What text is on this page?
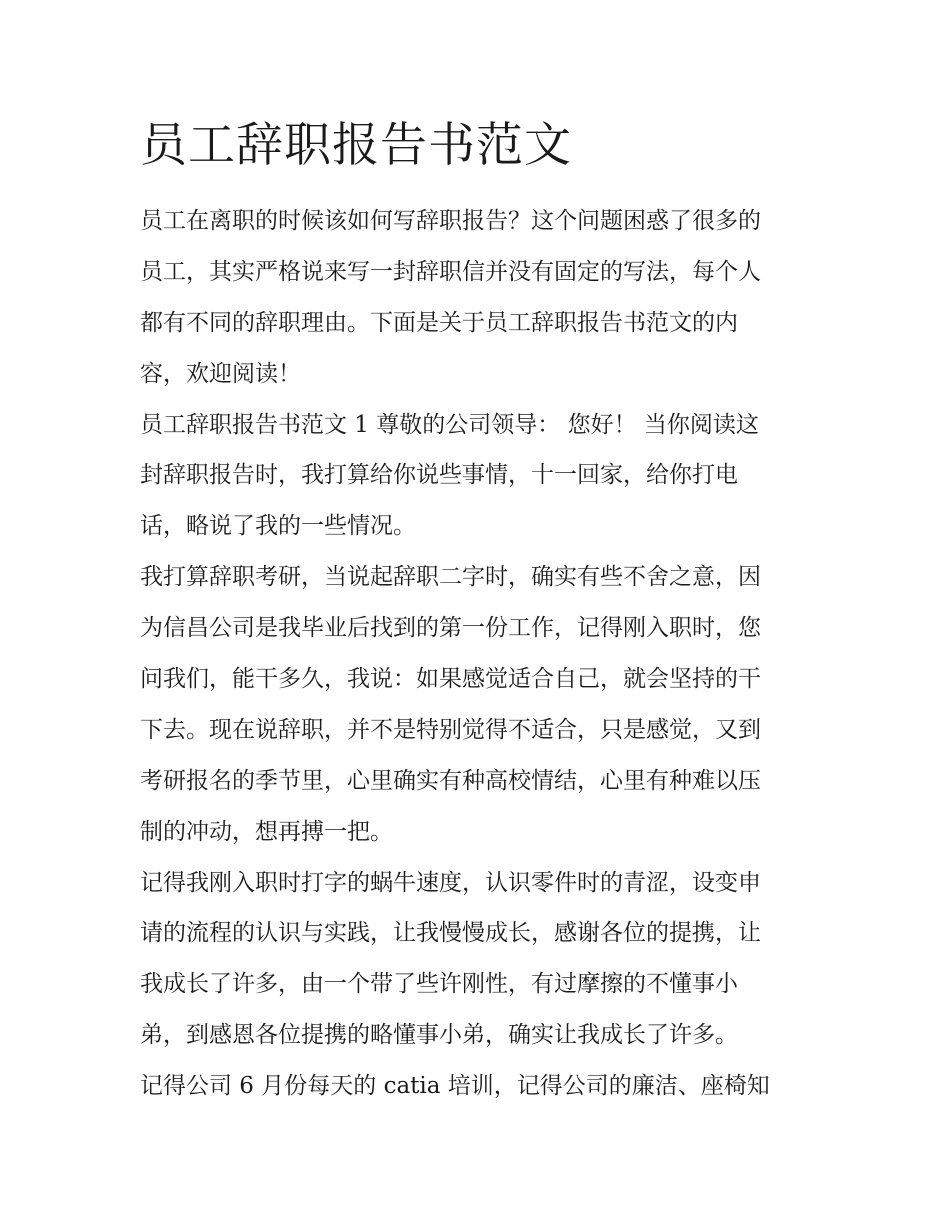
员工辞职报告书范文
员工在离职的时候该如何写辞职报告？这个问题困惑了很多的
员工，其实严格说来写一封辞职信并没有固定的写法，每个人
都有不同的辞职理由。下面是关于员工辞职报告书范文的内
容，欢迎阅读！
员工辞职报告书范文 1 尊敬的公司领导： 您好！ 当你阅读这
封辞职报告时，我打算给你说些事情，十一回家，给你打电
话，略说了我的一些情况。
我打算辞职考研，当说起辞职二字时，确实有些不舍之意，因
为信昌公司是我毕业后找到的第一份工作，记得刚入职时，您
问我们，能干多久，我说：如果感觉适合自己，就会坚持的干
下去。现在说辞职，并不是特别觉得不适合，只是感觉，又到
考研报名的季节里，心里确实有种高校情结，心里有种难以压
制的冲动，想再搏一把。
记得我刚入职时打字的蜗牛速度，认识零件时的青涩，设变申
请的流程的认识与实践，让我慢慢成长，感谢各位的提携，让
我成长了许多，由一个带了些许刚性，有过摩擦的不懂事小
弟，到感恩各位提携的略懂事小弟，确实让我成长了许多。
记得公司 6 月份每天的 catia 培训，记得公司的廉洁、座椅知
